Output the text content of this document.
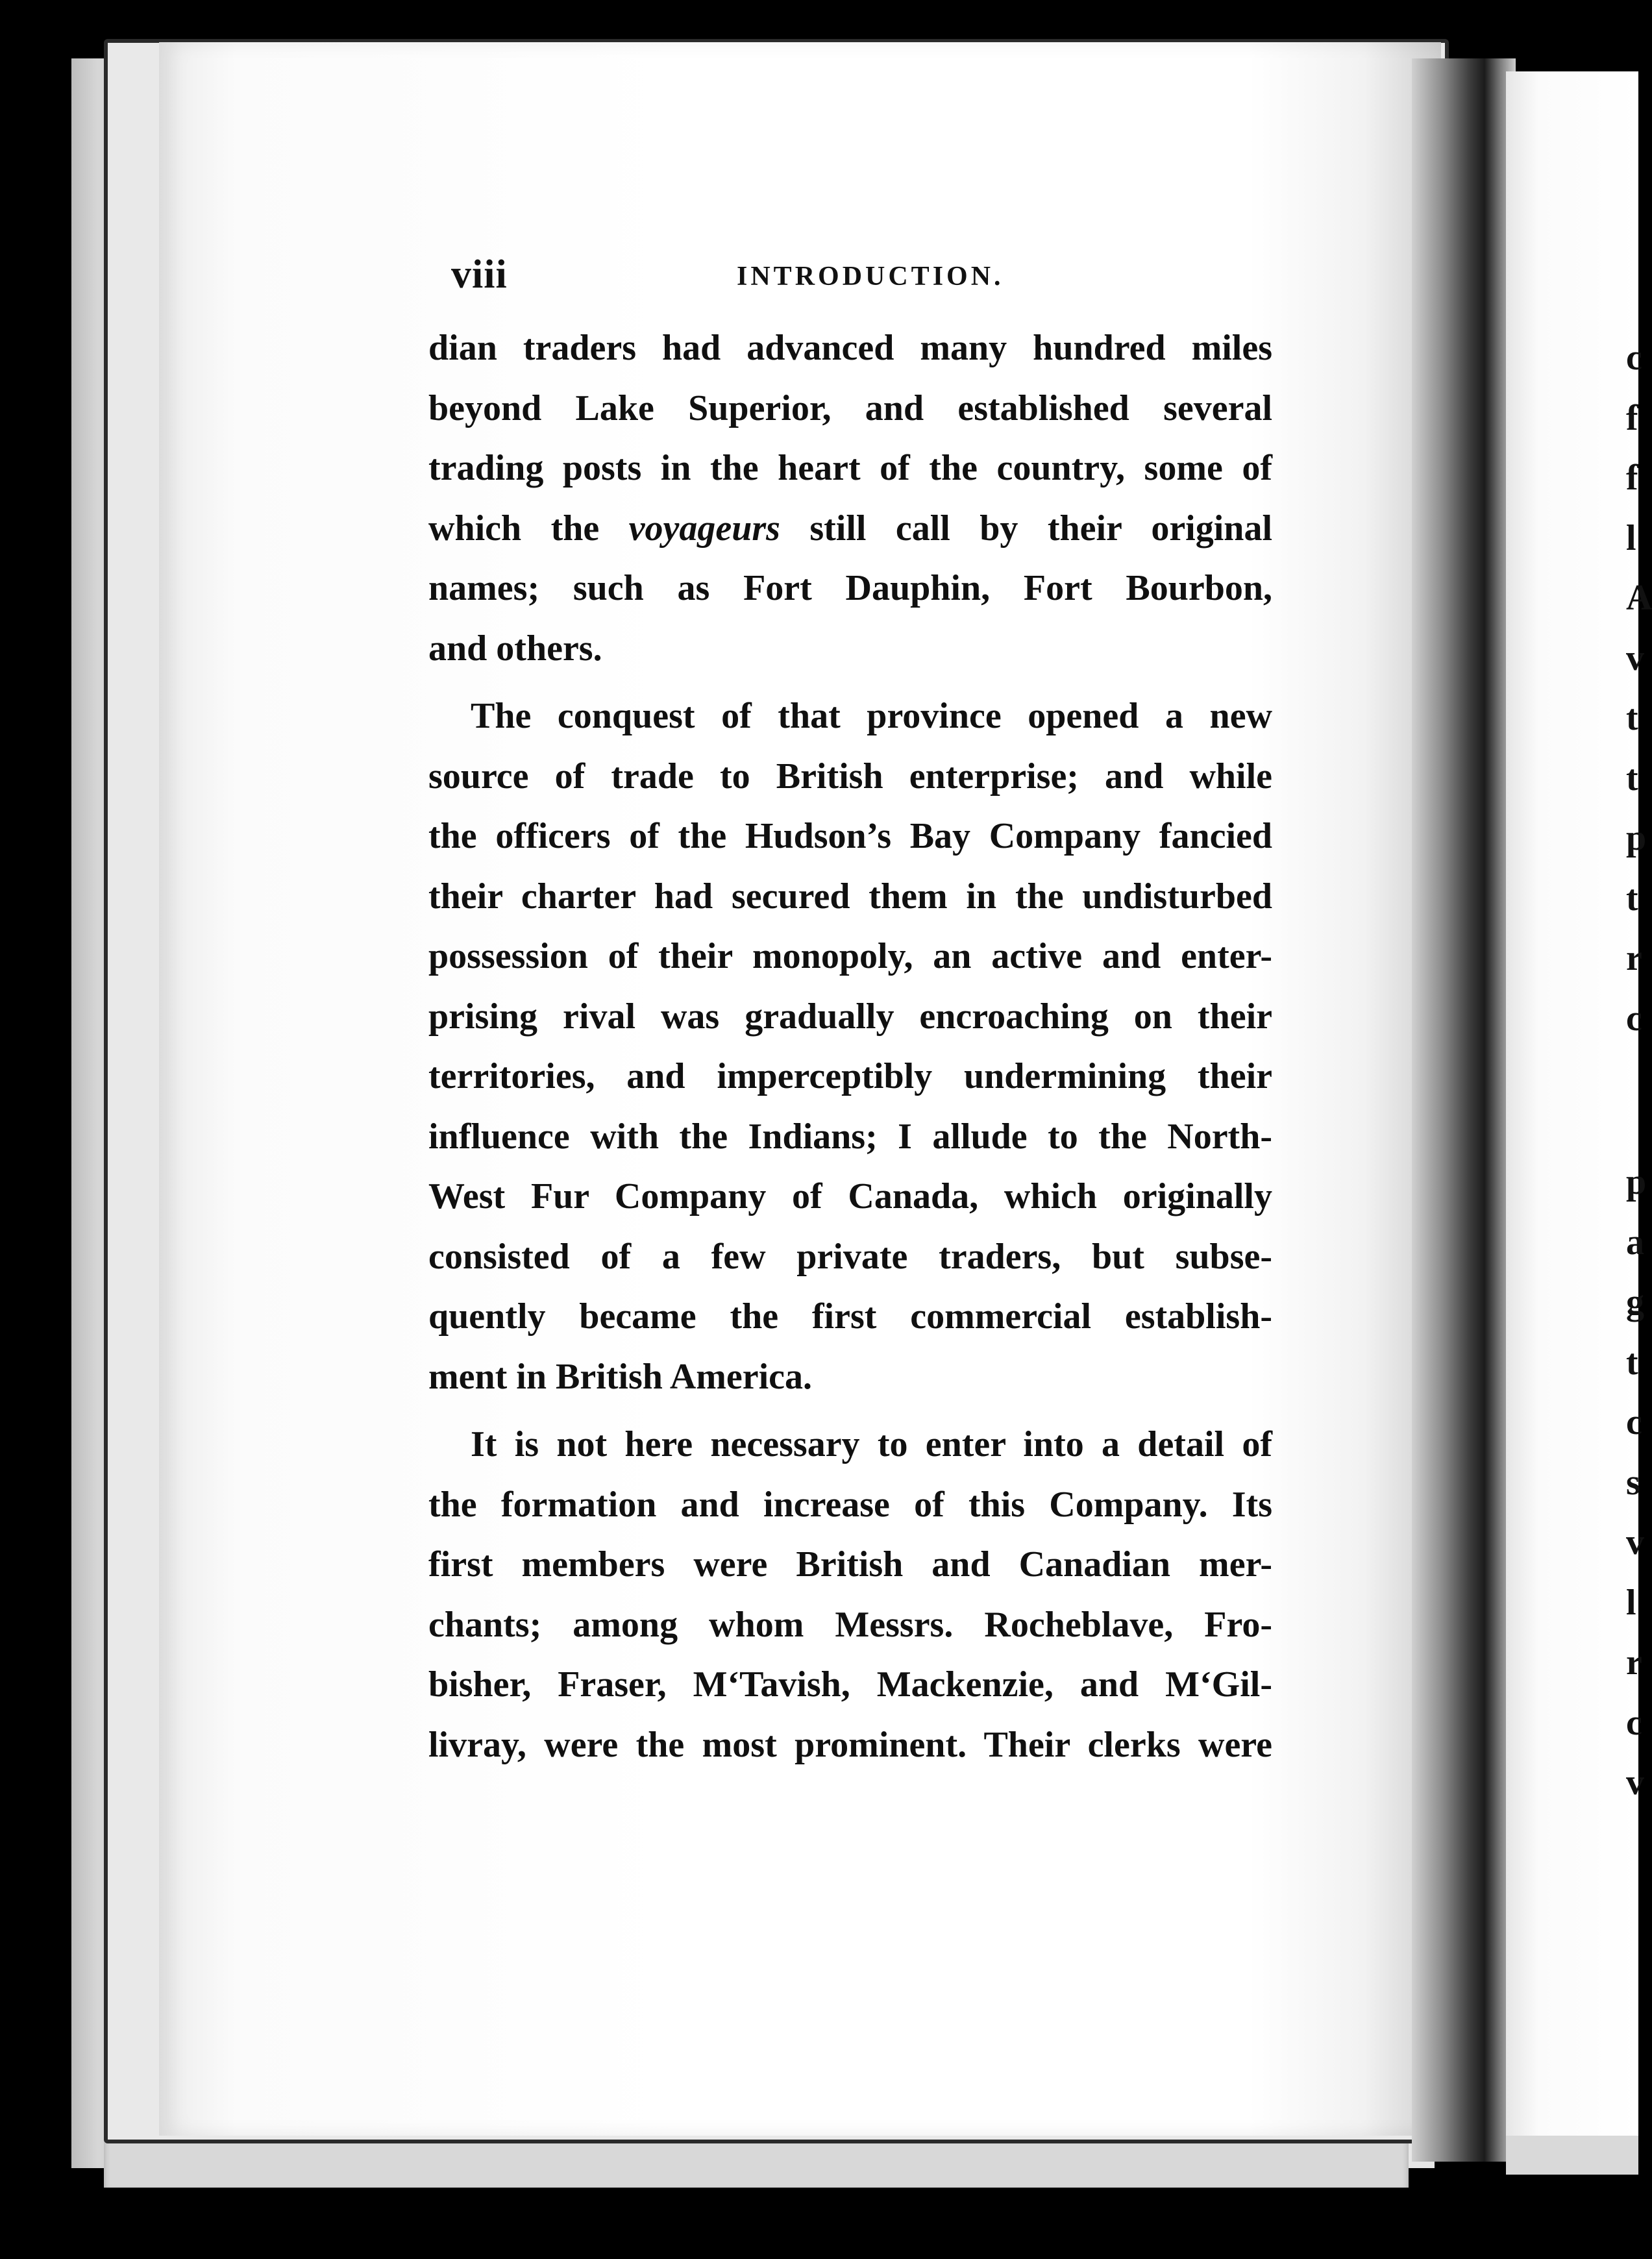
viii	INTRODUCTION.
dian traders had advanced many hundred miles
beyond Lake Superior, and established several
trading posts in the heart of the country, some of
which the voyageurs still call by their original
names; such as Fort Dauphin, Fort Bourbon,
and others.
The conquest of that province opened a new
source of trade to British enterprise; and while
the officers of the Hudson’s Bay Company fancied
their charter had secured them in the undisturbed
possession of their monopoly, an active and enter-
prising rival was gradually encroaching on their
territories, and imperceptibly undermining their
influence with the Indians; I allude to the North-
West Fur Company of Canada, which originally
consisted of a few private traders, but subse-
quently became the first commercial establish-
ment in British America.
It is not here necessary to enter into a detail of
the formation and increase of this Company. Its
first members were British and Canadian mer-
chants; among whom Messrs. Rocheblave, Fro-
bisher, Fraser, M‘Tavish, Mackenzie, and M‘Gil-
livray, were the most prominent. Their clerks were
c
f
f
l
A
v
t
t
p
t
r
c
p
a
g
t
c
s
v
l
r
c
v
